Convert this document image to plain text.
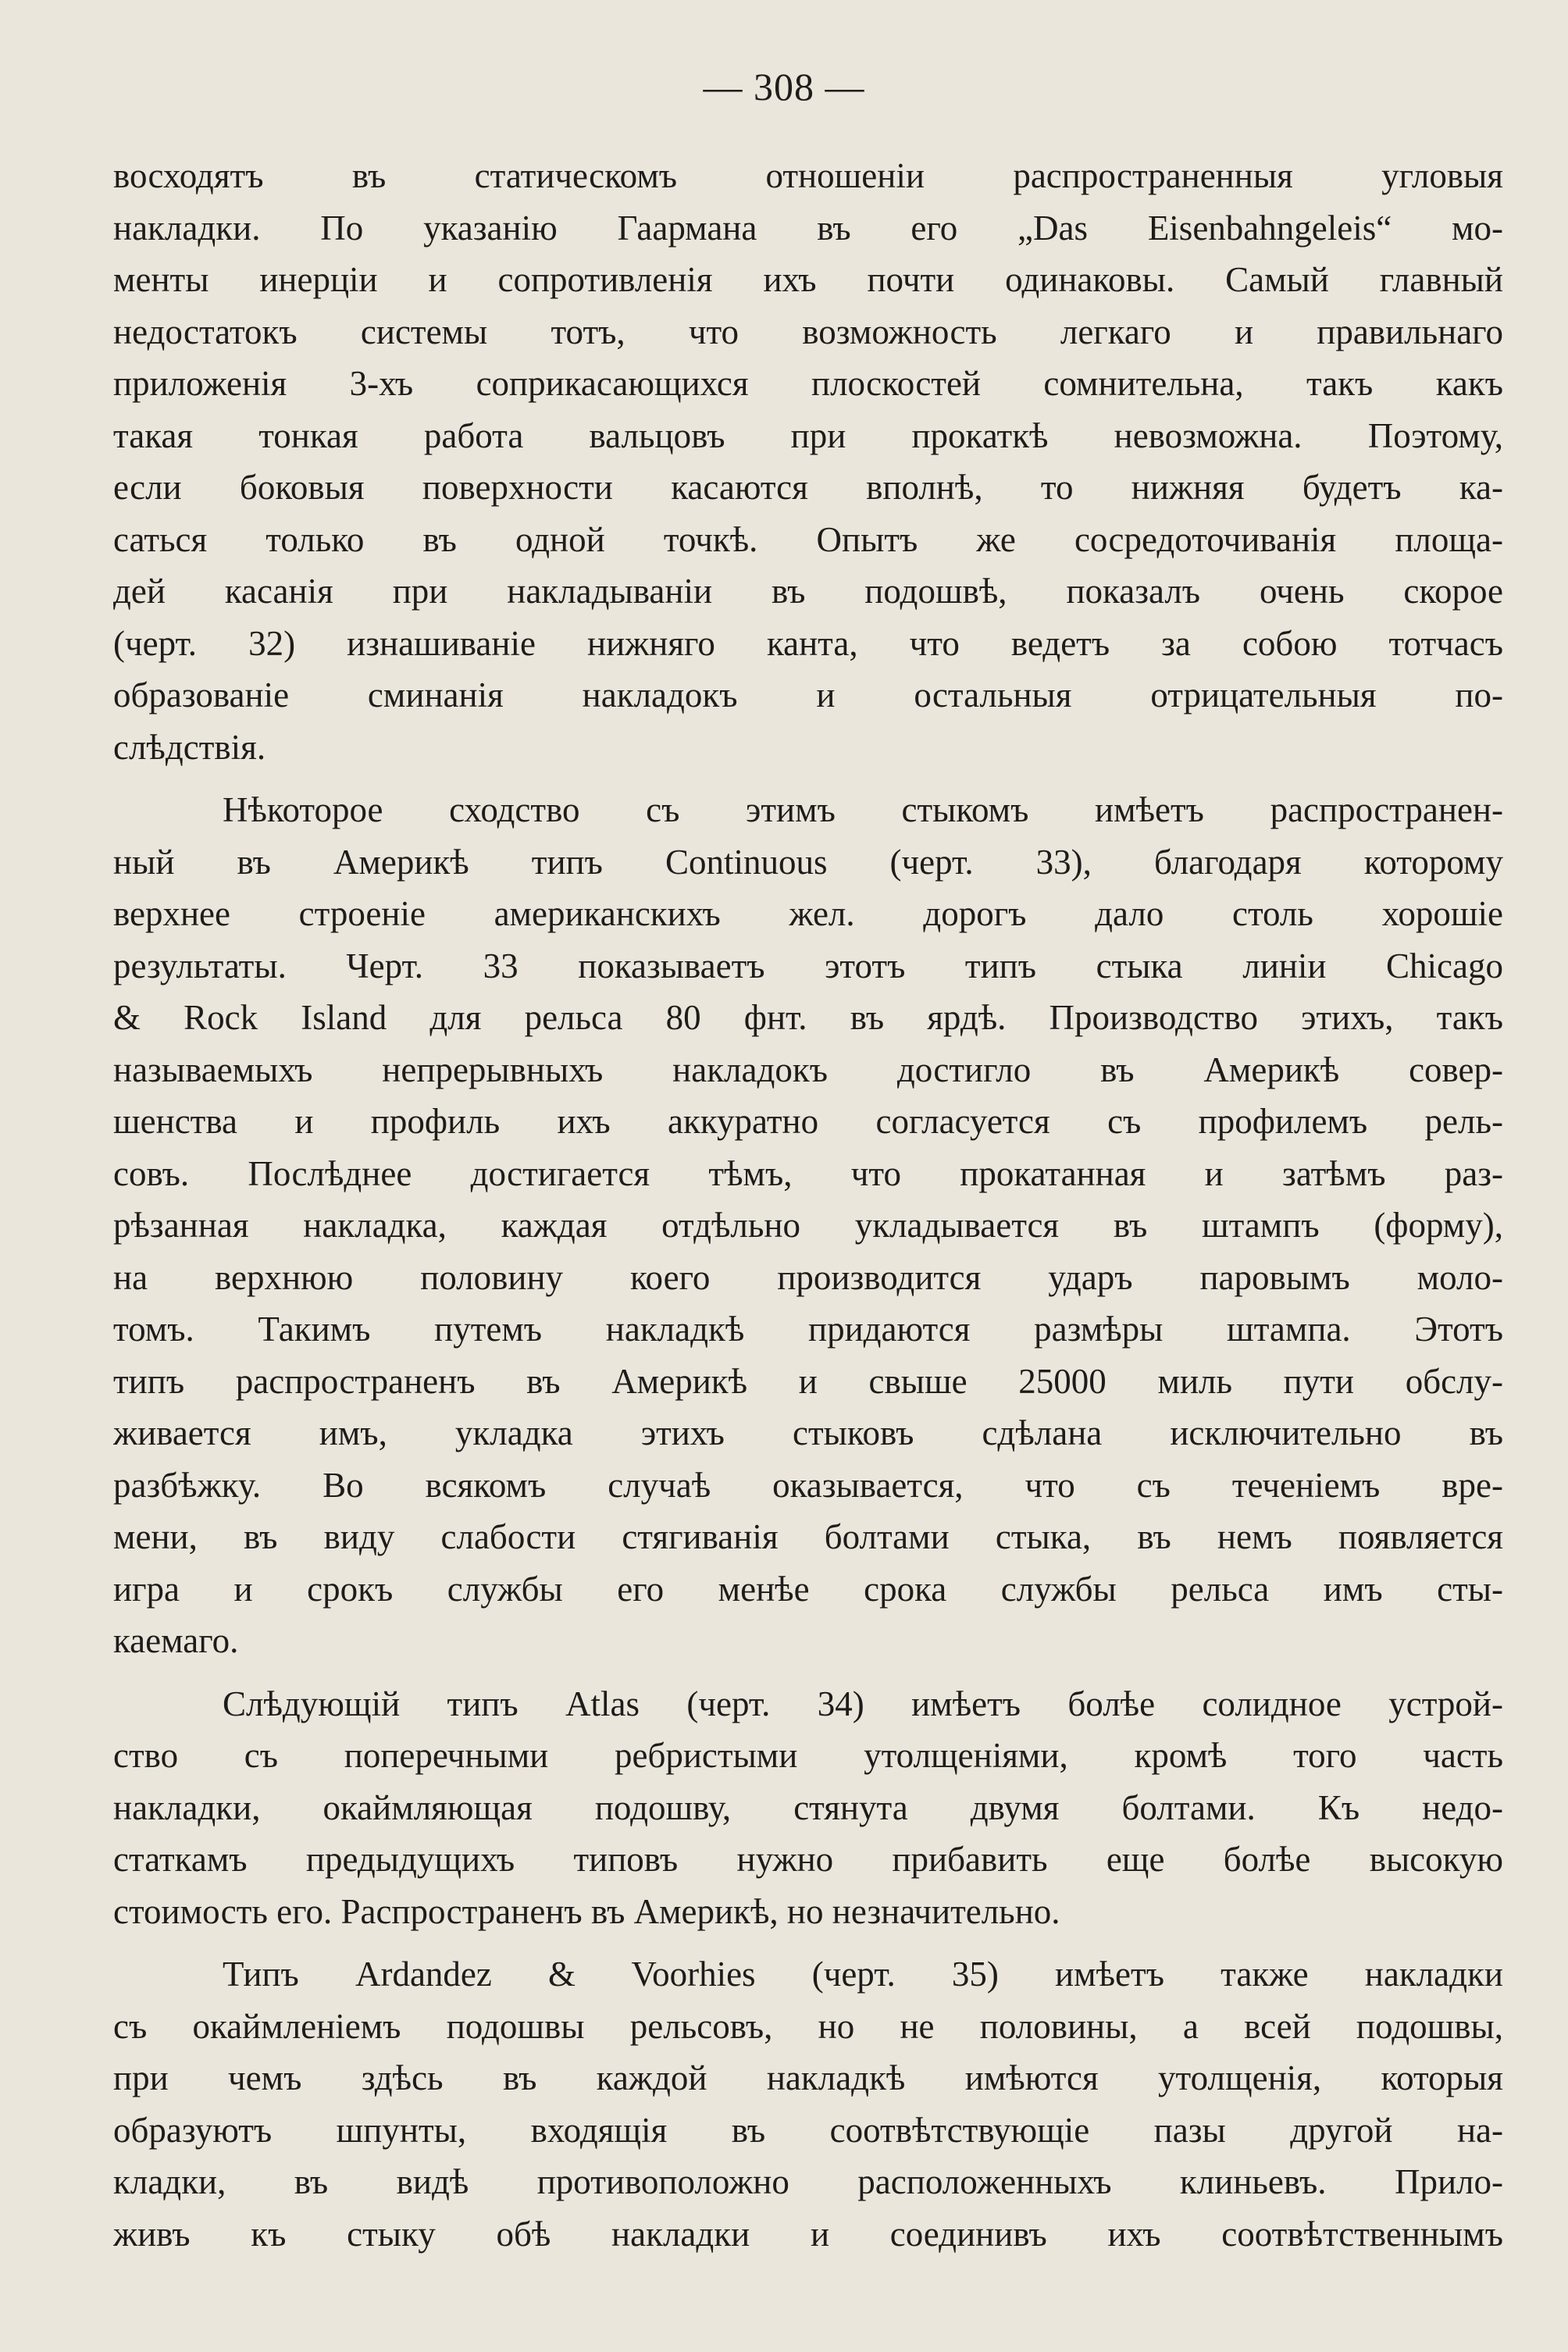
— 308 —
восходятъ въ статическомъ отношеніи распространенныя угловыя
накладки. По указанію Гаармана въ его „Das Eisenbahngeleis“ мо-
менты инерціи и сопротивленія ихъ почти одинаковы. Самый главный
недостатокъ системы тотъ, что возможность легкаго и правильнаго
приложенія 3-хъ соприкасающихся плоскостей сомнительна, такъ какъ
такая тонкая работа вальцовъ при прокаткѣ невозможна. Поэтому,
если боковыя поверхности касаются вполнѣ, то нижняя будетъ ка-
саться только въ одной точкѣ. Опытъ же сосредоточиванія площа-
дей касанія при накладываніи въ подошвѣ, показалъ очень скорое
(черт. 32) изнашиваніе нижняго канта, что ведетъ за собою тотчасъ
образованіе сминанія накладокъ и остальныя отрицательныя по-
слѣдствія.
Нѣкоторое сходство съ этимъ стыкомъ имѣетъ распространен-
ный въ Америкѣ типъ Continuous (черт. 33), благодаря которому
верхнее строеніе американскихъ жел. дорогъ дало столь хорошіе
результаты. Черт. 33 показываетъ этотъ типъ стыка линіи Chicago
& Rock Island для рельса 80 фнт. въ ярдѣ. Производство этихъ, такъ
называемыхъ непрерывныхъ накладокъ достигло въ Америкѣ совер-
шенства и профиль ихъ аккуратно согласуется съ профилемъ рель-
совъ. Послѣднее достигается тѣмъ, что прокатанная и затѣмъ раз-
рѣзанная накладка, каждая отдѣльно укладывается въ штампъ (форму),
на верхнюю половину коего производится ударъ паровымъ моло-
томъ. Такимъ путемъ накладкѣ придаются размѣры штампа. Этотъ
типъ распространенъ въ Америкѣ и свыше 25000 миль пути обслу-
живается имъ, укладка этихъ стыковъ сдѣлана исключительно въ
разбѣжку. Во всякомъ случаѣ оказывается, что съ теченіемъ вре-
мени, въ виду слабости стягиванія болтами стыка, въ немъ появляется
игра и срокъ службы его менѣе срока службы рельса имъ сты-
каемаго.
Слѣдующій типъ Atlas (черт. 34) имѣетъ болѣе солидное устрой-
ство съ поперечными ребристыми утолщеніями, кромѣ того часть
накладки, окаймляющая подошву, стянута двумя болтами. Къ недо-
статкамъ предыдущихъ типовъ нужно прибавить еще болѣе высокую
стоимость его. Распространенъ въ Америкѣ, но незначительно.
Типъ Ardandez & Voorhies (черт. 35) имѣетъ также накладки
съ окаймленіемъ подошвы рельсовъ, но не половины, а всей подошвы,
при чемъ здѣсь въ каждой накладкѣ имѣются утолщенія, которыя
образуютъ шпунты, входящія въ соотвѣтствующіе пазы другой на-
кладки, въ видѣ противоположно расположенныхъ клиньевъ. Прило-
живъ къ стыку обѣ накладки и соединивъ ихъ соотвѣтственнымъ
